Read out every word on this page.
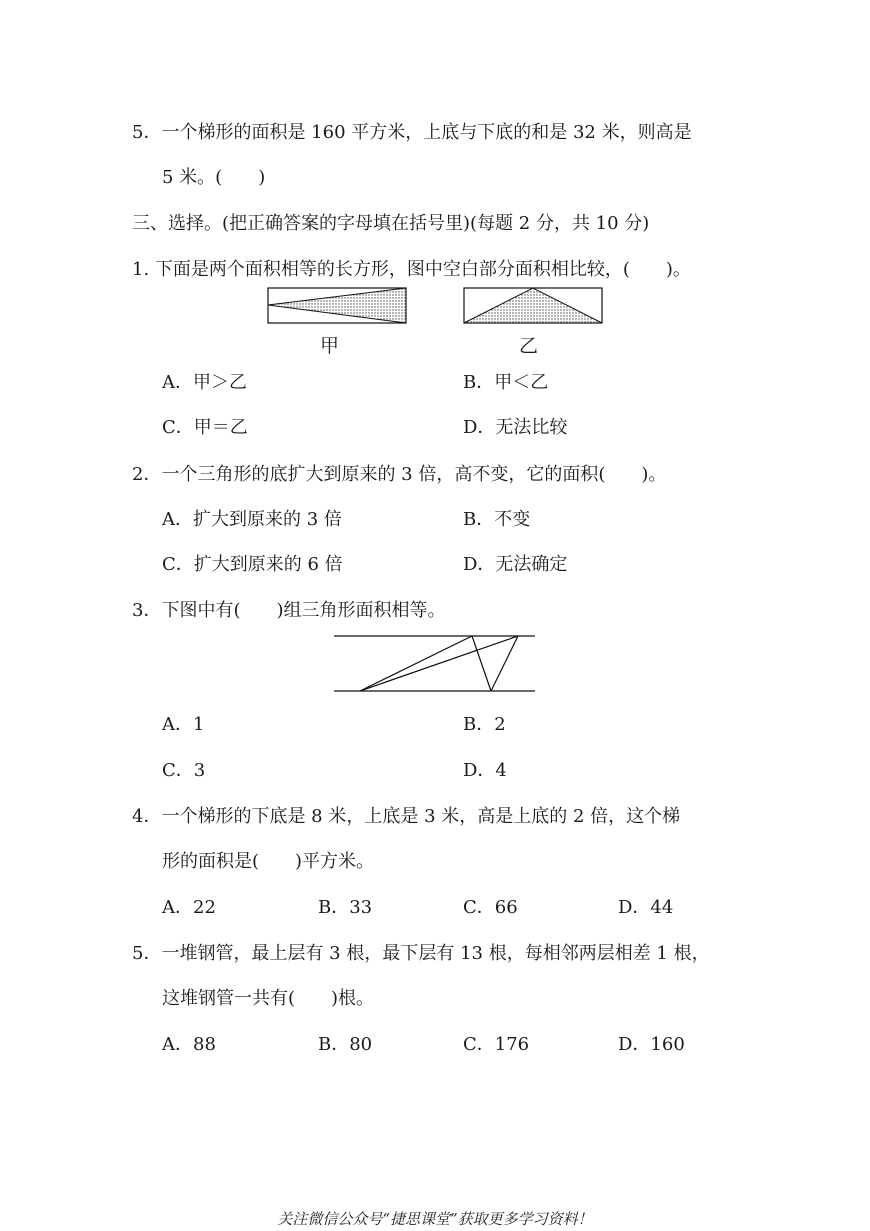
5．一个梯形的面积是 160 平方米，上底与下底的和是 32 米，则高是
5 米。(　　)
三、选择。(把正确答案的字母填在括号里)(每题 2 分，共 10 分)
1. 下面是两个面积相等的长方形，图中空白部分面积相比较，(　　)。
甲	乙
A．甲＞乙	B．甲＜乙
C．甲＝乙	D．无法比较
2．一个三角形的底扩大到原来的 3 倍，高不变，它的面积(　　)。
A．扩大到原来的 3 倍	B．不变
C．扩大到原来的 6 倍	D．无法确定
3．下图中有(　　)组三角形面积相等。
A．1	B．2
C．3	D．4
4．一个梯形的下底是 8 米，上底是 3 米，高是上底的 2 倍，这个梯
形的面积是(　　)平方米。
A．22	B．33	C．66	D．44
5．一堆钢管，最上层有 3 根，最下层有 13 根，每相邻两层相差 1 根，
这堆钢管一共有(　　)根。
A．88	B．80	C．176	D．160
关注微信公众号“捷思课堂”获取更多学习资料！
